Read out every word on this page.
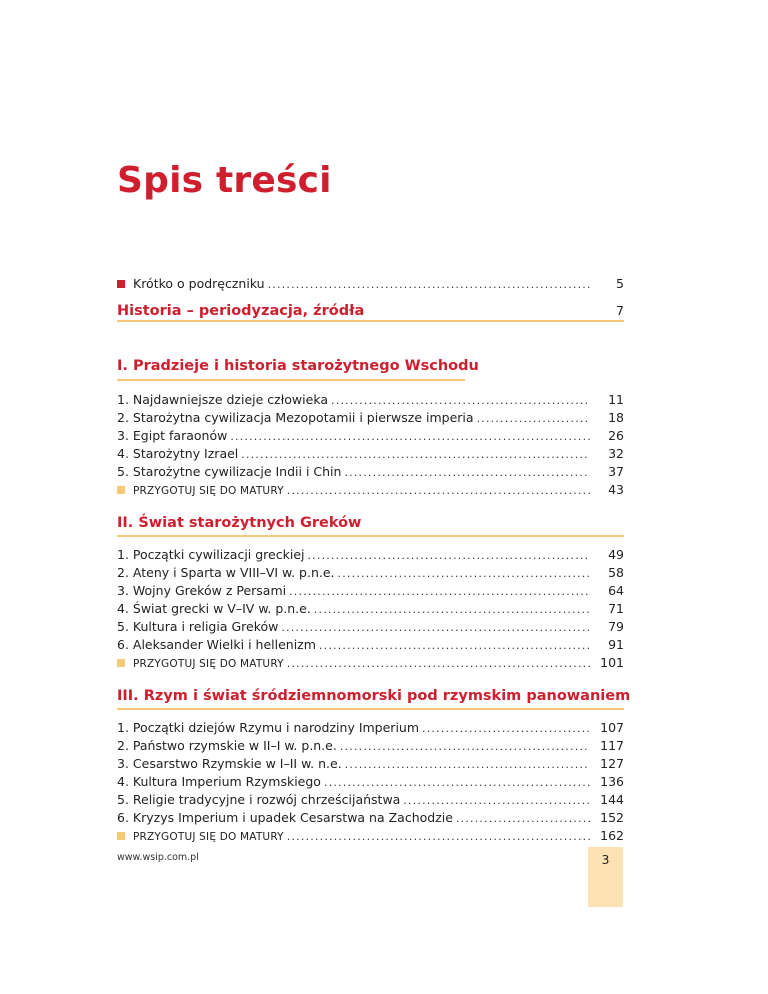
Spis treści
Krótko o podręczniku .....	5
Historia – periodyzacja, źródła	7
I. Pradzieje i historia starożytnego Wschodu
1. Najdawniejsze dzieje człowieka .....	11
2. Starożytna cywilizacja Mezopotamii i pierwsze imperia .....	18
3. Egipt faraonów .....	26
4. Starożytny Izrael .....	32
5. Starożytne cywilizacje Indii i Chin .....	37
PRZYGOTUJ SIĘ DO MATURY .....	43
II. Świat starożytnych Greków
1. Początki cywilizacji greckiej .....	49
2. Ateny i Sparta w VIII–VI w. p.n.e. .....	58
3. Wojny Greków z Persami .....	64
4. Świat grecki w V–IV w. p.n.e. .....	71
5. Kultura i religia Greków .....	79
6. Aleksander Wielki i hellenizm .....	91
PRZYGOTUJ SIĘ DO MATURY .....	101
III. Rzym i świat śródziemnomorski pod rzymskim panowaniem
1. Początki dziejów Rzymu i narodziny Imperium .....	107
2. Państwo rzymskie w II–I w. p.n.e. .....	117
3. Cesarstwo Rzymskie w I–II w. n.e. .....	127
4. Kultura Imperium Rzymskiego .....	136
5. Religie tradycyjne i rozwój chrześcijaństwa .....	144
6. Kryzys Imperium i upadek Cesarstwa na Zachodzie .....	152
PRZYGOTUJ SIĘ DO MATURY .....	162
www.wsip.com.pl	3
